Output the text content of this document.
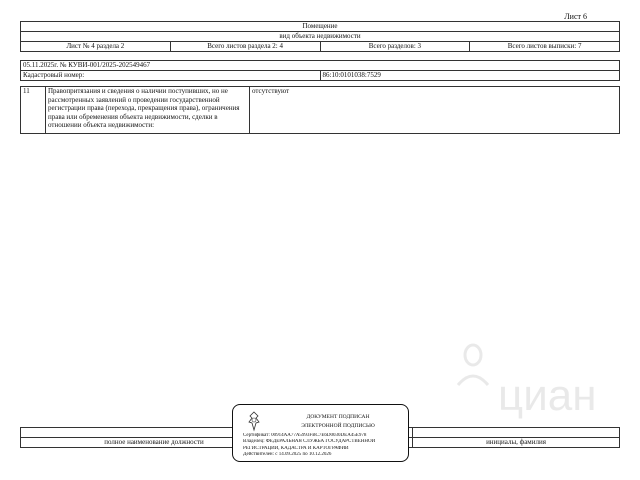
Лист 6
Помещение
вид объекта недвижимости
Лист № 4 раздела 2	Всего листов раздела 2: 4	Всего разделов: 3	Всего листов выписки: 7
05.11.2025г. № КУВИ-001/2025-202549467
Кадастровый номер:	86:10:0101038:7529
11	Правопритязания и сведения о наличии поступивших, но не рассмотренных заявлений о проведении государственной регистрации права (перехода, прекращения права), ограничения права или обременения объекта недвижимости, сделки в отношении объекта недвижимости:	отсутствуют

полное наименование должности		инициалы, фамилия
циан
ДОКУМЕНТ ПОДПИСАН
ЭЛЕКТРОННОЙ ПОДПИСЬЮ
Сертификат: 00914AA77A5993FBC7E6D0030DEA45E978
Владелец: ФЕДЕРАЛЬНАЯ СЛУЖБА ГОСУДАРСТВЕННОЙ
РЕГИСТРАЦИИ, КАДАСТРА И КАРТОГРАФИИ
Действителен: с 14.09.2025 по 10.12.2026
